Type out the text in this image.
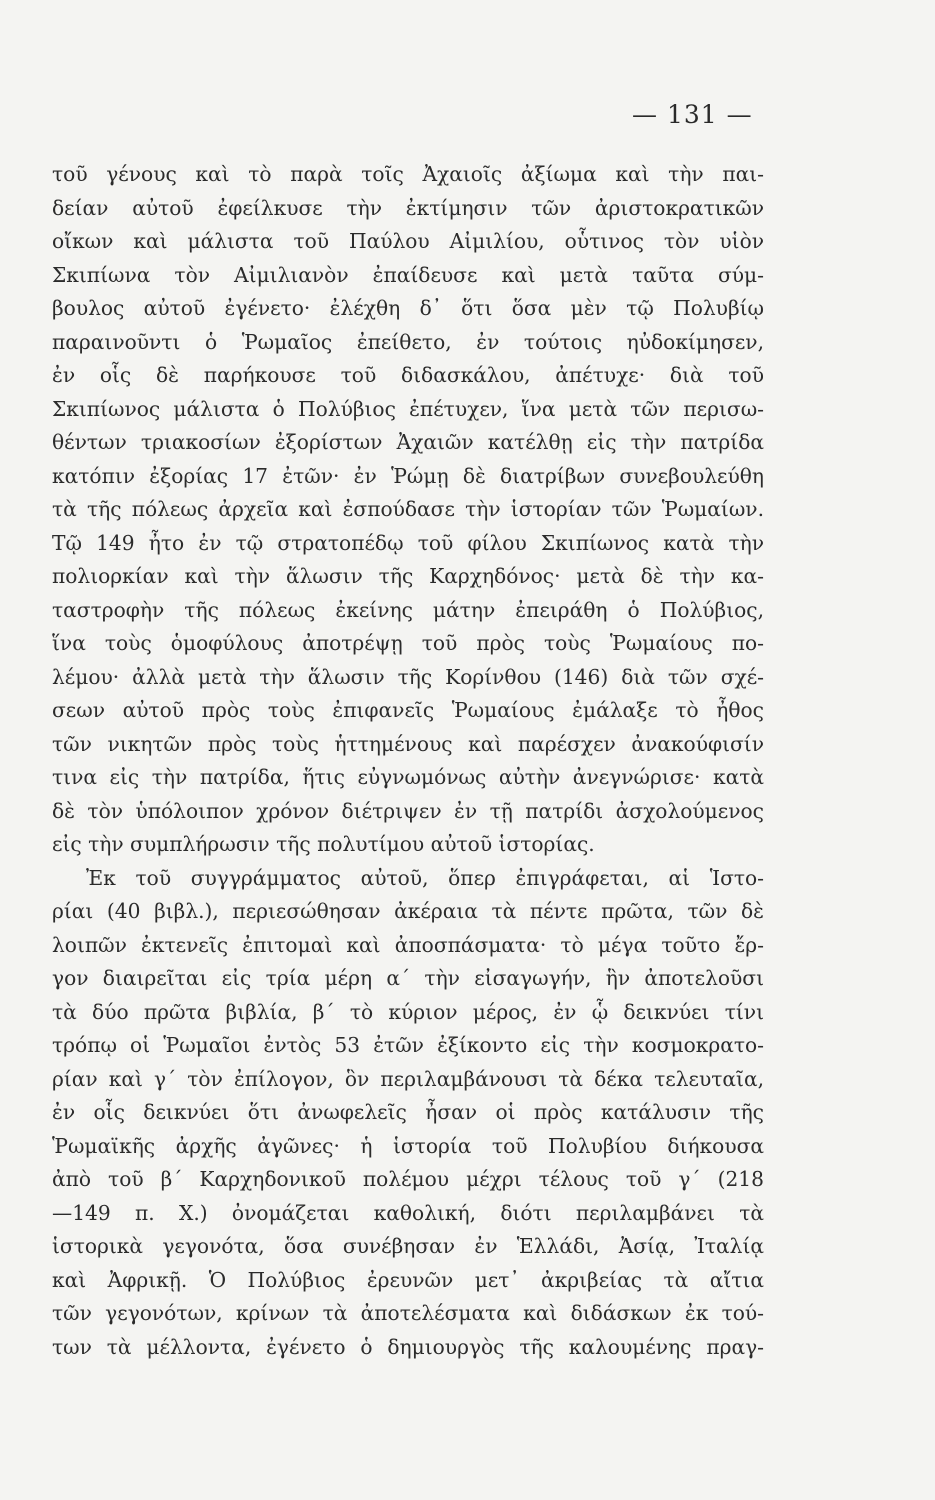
— 131 —
τοῦ γένους καὶ τὸ παρὰ τοῖς Ἀχαιοῖς ἀξίωμα καὶ τὴν παι-
δείαν αὐτοῦ ἐφείλκυσε τὴν ἐκτίμησιν τῶν ἀριστοκρατικῶν
οἴκων καὶ μάλιστα τοῦ Παύλου Αἰμιλίου, οὗτινος τὸν υἱὸν
Σκιπίωνα τὸν Αἰμιλιανὸν ἐπαίδευσε καὶ μετὰ ταῦτα σύμ-
βουλος αὐτοῦ ἐγένετο· ἐλέχθη δ᾽ ὅτι ὅσα μὲν τῷ Πολυβίῳ
παραινοῦντι ὁ Ῥωμαῖος ἐπείθετο, ἐν τούτοις ηὐδοκίμησεν,
ἐν οἷς δὲ παρήκουσε τοῦ διδασκάλου, ἀπέτυχε· διὰ τοῦ
Σκιπίωνος μάλιστα ὁ Πολύβιος ἐπέτυχεν, ἵνα μετὰ τῶν περισω-
θέντων τριακοσίων ἐξορίστων Ἀχαιῶν κατέλθῃ εἰς τὴν πατρίδα
κατόπιν ἐξορίας 17 ἐτῶν· ἐν Ῥώμῃ δὲ διατρίβων συνεβουλεύθη
τὰ τῆς πόλεως ἀρχεῖα καὶ ἐσπούδασε τὴν ἱστορίαν τῶν Ῥωμαίων.
Τῷ 149 ἦτο ἐν τῷ στρατοπέδῳ τοῦ φίλου Σκιπίωνος κατὰ τὴν
πολιορκίαν καὶ τὴν ἅλωσιν τῆς Καρχηδόνος· μετὰ δὲ τὴν κα-
ταστροφὴν τῆς πόλεως ἐκείνης μάτην ἐπειράθη ὁ Πολύβιος,
ἵνα τοὺς ὁμοφύλους ἀποτρέψῃ τοῦ πρὸς τοὺς Ῥωμαίους πο-
λέμου· ἀλλὰ μετὰ τὴν ἅλωσιν τῆς Κορίνθου (146) διὰ τῶν σχέ-
σεων αὐτοῦ πρὸς τοὺς ἐπιφανεῖς Ῥωμαίους ἐμάλαξε τὸ ἦθος
τῶν νικητῶν πρὸς τοὺς ἡττημένους καὶ παρέσχεν ἀνακούφισίν
τινα εἰς τὴν πατρίδα, ἥτις εὐγνωμόνως αὐτὴν ἀνεγνώρισε· κατὰ
δὲ τὸν ὑπόλοιπον χρόνον διέτριψεν ἐν τῇ πατρίδι ἀσχολούμενος
εἰς τὴν συμπλήρωσιν τῆς πολυτίμου αὐτοῦ ἱστορίας.
Ἐκ τοῦ συγγράμματος αὐτοῦ, ὅπερ ἐπιγράφεται, αἱ Ἱστο-
ρίαι (40 βιβλ.), περιεσώθησαν ἀκέραια τὰ πέντε πρῶτα, τῶν δὲ
λοιπῶν ἐκτενεῖς ἐπιτομαὶ καὶ ἀποσπάσματα· τὸ μέγα τοῦτο ἔρ-
γον διαιρεῖται εἰς τρία μέρη α΄ τὴν εἰσαγωγήν, ἣν ἀποτελοῦσι
τὰ δύο πρῶτα βιβλία, β΄ τὸ κύριον μέρος, ἐν ᾧ δεικνύει τίνι
τρόπῳ οἱ Ῥωμαῖοι ἐντὸς 53 ἐτῶν ἐξίκοντο εἰς τὴν κοσμοκρατο-
ρίαν καὶ γ΄ τὸν ἐπίλογον, ὃν περιλαμβάνουσι τὰ δέκα τελευταῖα,
ἐν οἷς δεικνύει ὅτι ἀνωφελεῖς ἦσαν οἱ πρὸς κατάλυσιν τῆς
Ῥωμαϊκῆς ἀρχῆς ἀγῶνες· ἡ ἱστορία τοῦ Πολυβίου διήκουσα
ἀπὸ τοῦ β΄ Καρχηδονικοῦ πολέμου μέχρι τέλους τοῦ γ΄ (218
—149 π. Χ.) ὀνομάζεται καθολική, διότι περιλαμβάνει τὰ
ἱστορικὰ γεγονότα, ὅσα συνέβησαν ἐν Ἑλλάδι, Ἀσίᾳ, Ἰταλίᾳ
καὶ Ἀφρικῇ. Ὁ Πολύβιος ἐρευνῶν μετ᾽ ἀκριβείας τὰ αἴτια
τῶν γεγονότων, κρίνων τὰ ἀποτελέσματα καὶ διδάσκων ἐκ τού-
των τὰ μέλλοντα, ἐγένετο ὁ δημιουργὸς τῆς καλουμένης πραγ-
